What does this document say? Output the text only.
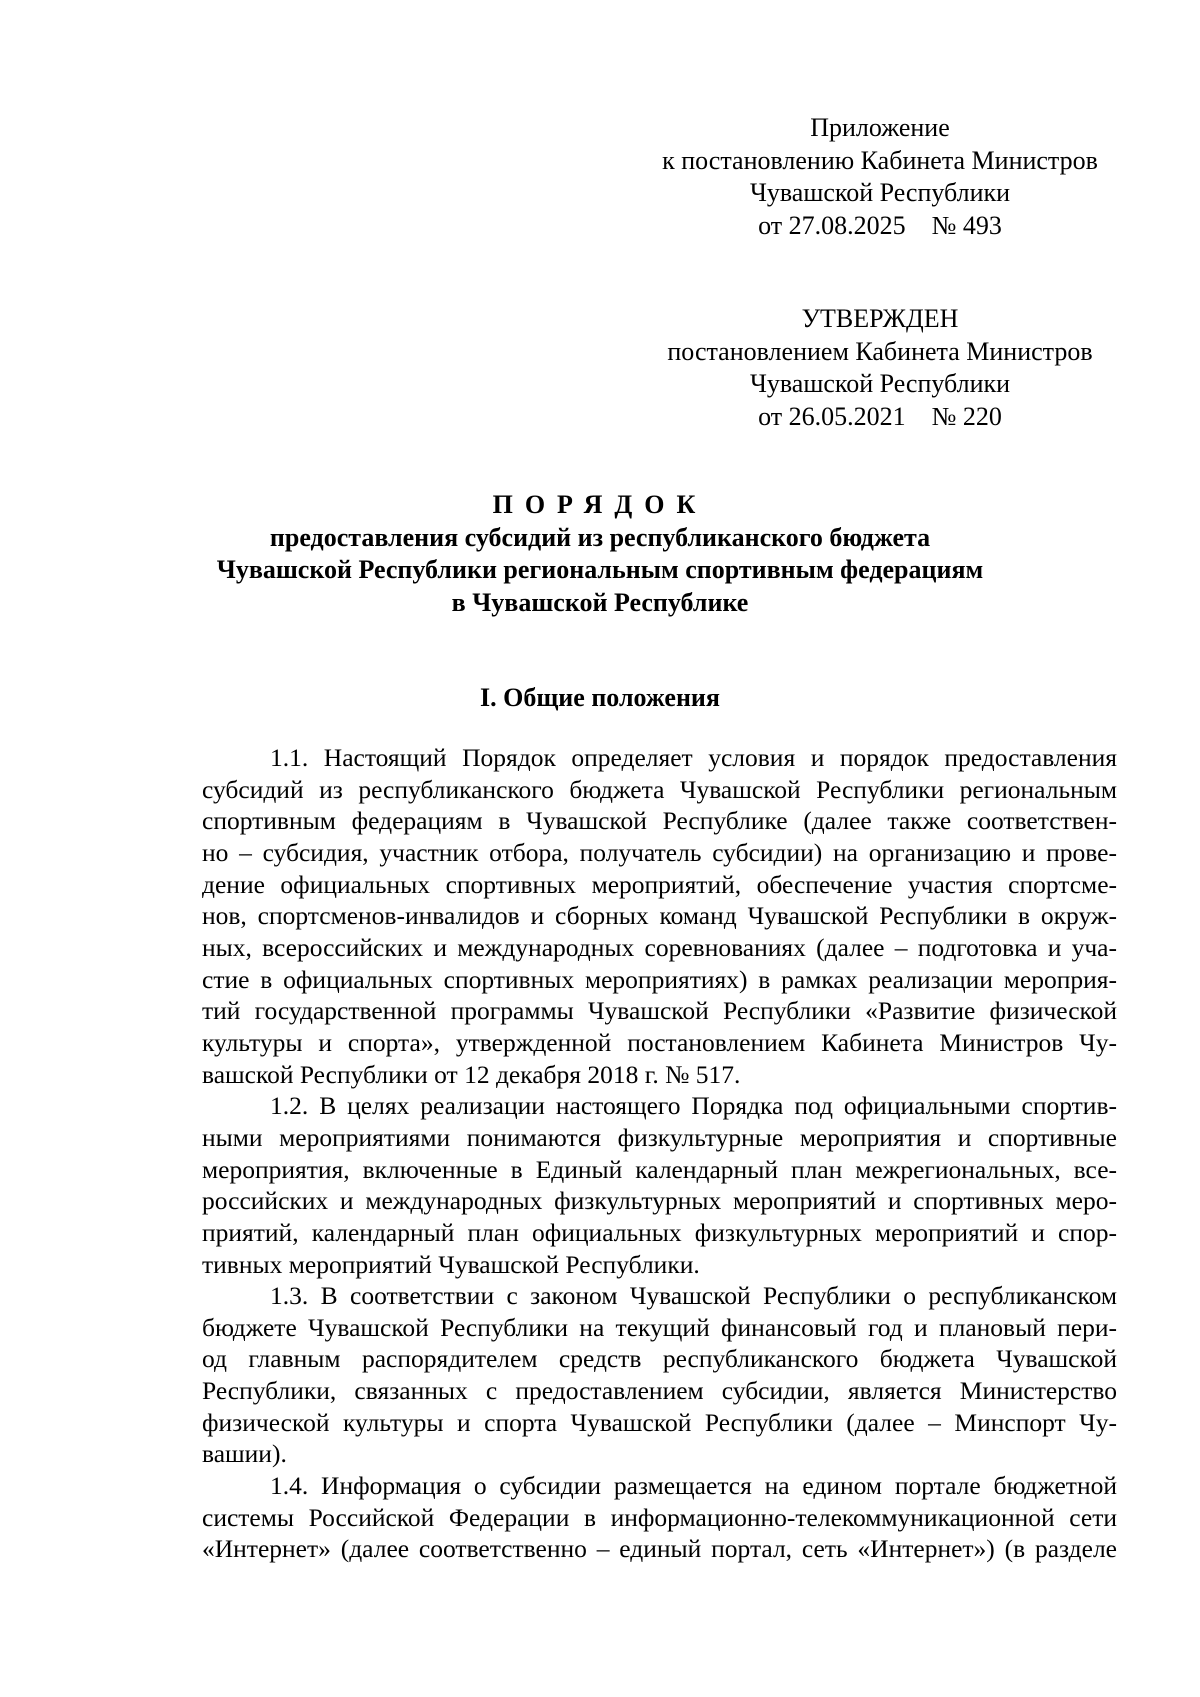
Приложение
к постановлению Кабинета Министров
Чувашской Республики
от 27.08.2025    № 493
УТВЕРЖДЕН
постановлением Кабинета Министров
Чувашской Республики
от 26.05.2021    № 220
ПОРЯДОК
предоставления субсидий из республиканского бюджета
Чувашской Республики региональным спортивным федерациям
в Чувашской Республике
I. Общие положения

1.1. Настоящий Порядок определяет условия и порядок предоставления
субсидий из республиканского бюджета Чувашской Республики региональным
спортивным федерациям в Чувашской Республике (далее также соответствен-
но – субсидия, участник отбора, получатель субсидии) на организацию и прове-
дение официальных спортивных мероприятий, обеспечение участия спортсме-
нов, спортсменов-инвалидов и сборных команд Чувашской Республики в окруж-
ных, всероссийских и международных соревнованиях (далее – подготовка и уча-
стие в официальных спортивных мероприятиях) в рамках реализации мероприя-
тий государственной программы Чувашской Республики «Развитие физической
культуры и спорта», утвержденной постановлением Кабинета Министров Чу-
вашской Республики от 12 декабря 2018 г. № 517.

1.2. В целях реализации настоящего Порядка под официальными спортив-
ными мероприятиями понимаются физкультурные мероприятия и спортивные
мероприятия, включенные в Единый календарный план межрегиональных, все-
российских и международных физкультурных мероприятий и спортивных меро-
приятий, календарный план официальных физкультурных мероприятий и спор-
тивных мероприятий Чувашской Республики.

1.3. В соответствии с законом Чувашской Республики о республиканском
бюджете Чувашской Республики на текущий финансовый год и плановый пери-
од главным распорядителем средств республиканского бюджета Чувашской
Республики, связанных с предоставлением субсидии, является Министерство
физической культуры и спорта Чувашской Республики (далее – Минспорт Чу-
вашии).

1.4. Информация о субсидии размещается на едином портале бюджетной
системы Российской Федерации в информационно-телекоммуникационной сети
«Интернет» (далее соответственно – единый портал, сеть «Интернет») (в разделе
